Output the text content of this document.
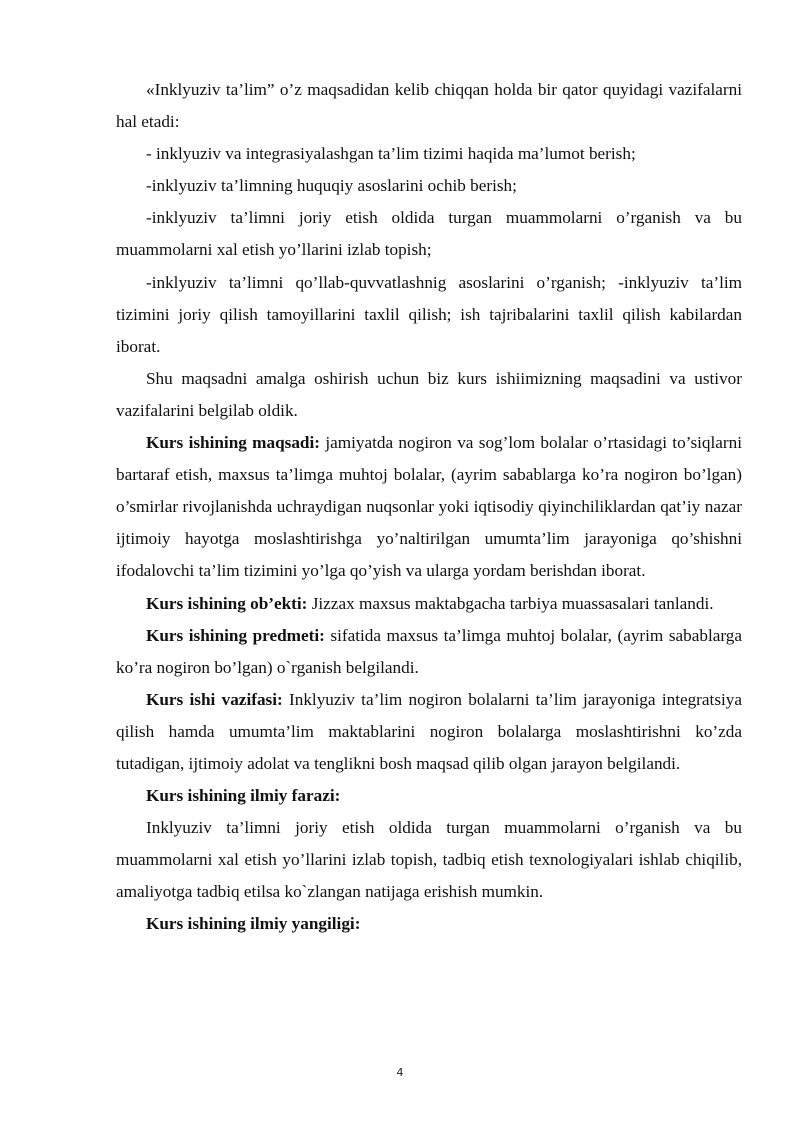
«Inklyuziv ta’lim” o’z maqsadidan kelib chiqqan holda bir qator quyidagi vazifalarni hal etadi:

- inklyuziv va integrasiyalashgan ta’lim tizimi haqida ma’lumot berish;

-inklyuziv ta’limning huquqiy asoslarini ochib berish;

-inklyuziv ta’limni joriy etish oldida turgan muammolarni o’rganish va bu muammolarni xal etish yo’llarini izlab topish;

-inklyuziv ta’limni qo’llab-quvvatlashnig asoslarini o’rganish; -inklyuziv ta’lim tizimini joriy qilish tamoyillarini taxlil qilish; ish tajribalarini taxlil qilish kabilardan iborat.

Shu maqsadni amalga oshirish uchun biz kurs ishiimizning maqsadini va ustivor vazifalarini belgilab oldik.

Kurs ishining maqsadi: jamiyatda nogiron va sog’lom bolalar o’rtasidagi to’siqlarni bartaraf etish, maxsus ta’limga muhtoj bolalar, (ayrim sabablarga ko’ra nogiron bo’lgan) o’smirlar rivojlanishda uchraydigan nuqsonlar yoki iqtisodiy qiyinchiliklardan qat’iy nazar ijtimoiy hayotga moslashtirishga yo’naltirilgan umumta’lim jarayoniga qo’shishni ifodalovchi ta’lim tizimini yo’lga qo’yish va ularga yordam berishdan iborat.

Kurs ishining ob’ekti: Jizzax maxsus maktabgacha tarbiya muassasalari tanlandi.

Kurs ishining predmeti: sifatida maxsus ta’limga muhtoj bolalar, (ayrim sabablarga ko’ra nogiron bo’lgan) o`rganish belgilandi.

Kurs ishi vazifasi: Inklyuziv ta’lim nogiron bolalarni ta’lim jarayoniga integratsiya qilish hamda umumta’lim maktablarini nogiron bolalarga moslashtirishni ko’zda tutadigan, ijtimoiy adolat va tenglikni bosh maqsad qilib olgan jarayon belgilandi.

Kurs ishining ilmiy farazi:

Inklyuziv ta’limni joriy etish oldida turgan muammolarni o’rganish va bu muammolarni xal etish yo’llarini izlab topish, tadbiq etish texnologiyalari ishlab chiqilib, amaliyotga tadbiq etilsa ko`zlangan natijaga erishish mumkin.

Kurs ishining ilmiy yangiligi:

4
